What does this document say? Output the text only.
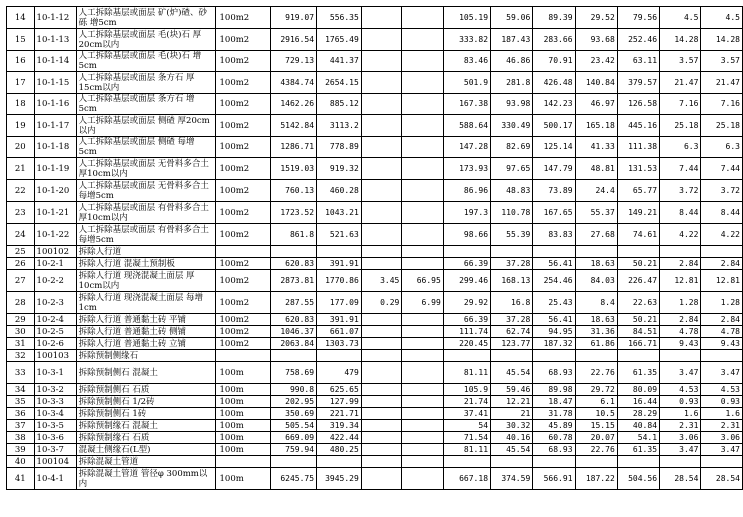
14	10-1-12	人工拆除基层或面层 矿(炉)碴、砂砾 增5cm	100m2	919.07	556.35			105.19	59.06	89.39	29.52	79.56	4.5	4.5
15	10-1-13	人工拆除基层或面层 毛(块)石 厚20cm以内	100m2	2916.54	1765.49			333.82	187.43	283.66	93.68	252.46	14.28	14.28
16	10-1-14	人工拆除基层或面层 毛(块)石 增5cm	100m2	729.13	441.37			83.46	46.86	70.91	23.42	63.11	3.57	3.57
17	10-1-15	人工拆除基层或面层 条方石 厚15cm以内	100m2	4384.74	2654.15			501.9	281.8	426.48	140.84	379.57	21.47	21.47
18	10-1-16	人工拆除基层或面层 条方石 增5cm	100m2	1462.26	885.12			167.38	93.98	142.23	46.97	126.58	7.16	7.16
19	10-1-17	人工拆除基层或面层 侧碴 厚20cm以内	100m2	5142.84	3113.2			588.64	330.49	500.17	165.18	445.16	25.18	25.18
20	10-1-18	人工拆除基层或面层 侧碴 每增5cm	100m2	1286.71	778.89			147.28	82.69	125.14	41.33	111.38	6.3	6.3
21	10-1-19	人工拆除基层或面层 无骨料多合土 厚10cm以内	100m2	1519.03	919.32			173.93	97.65	147.79	48.81	131.53	7.44	7.44
22	10-1-20	人工拆除基层或面层 无骨料多合土 每增5cm	100m2	760.13	460.28			86.96	48.83	73.89	24.4	65.77	3.72	3.72
23	10-1-21	人工拆除基层或面层 有骨料多合土 厚10cm以内	100m2	1723.52	1043.21			197.3	110.78	167.65	55.37	149.21	8.44	8.44
24	10-1-22	人工拆除基层或面层 有骨料多合土 每增5cm	100m2	861.8	521.63			98.66	55.39	83.83	27.68	74.61	4.22	4.22
25	100102	拆除人行道												
26	10-2-1	拆除人行道 混凝土预制板	100m2	620.83	391.91			66.39	37.28	56.41	18.63	50.21	2.84	2.84
27	10-2-2	拆除人行道 现浇混凝土面层 厚10cm以内	100m2	2873.81	1770.86	3.45	66.95	299.46	168.13	254.46	84.03	226.47	12.81	12.81
28	10-2-3	拆除人行道 现浇混凝土面层 每增1cm	100m2	287.55	177.09	0.29	6.99	29.92	16.8	25.43	8.4	22.63	1.28	1.28
29	10-2-4	拆除人行道 普通黏土砖 平铺	100m2	620.83	391.91			66.39	37.28	56.41	18.63	50.21	2.84	2.84
30	10-2-5	拆除人行道 普通黏土砖 侧铺	100m2	1046.37	661.07			111.74	62.74	94.95	31.36	84.51	4.78	4.78
31	10-2-6	拆除人行道 普通黏土砖 立铺	100m2	2063.84	1303.73			220.45	123.77	187.32	61.86	166.71	9.43	9.43
32	100103	拆除预制侧缘石												
33	10-3-1	拆除预制侧石 混凝土	100m	758.69	479			81.11	45.54	68.93	22.76	61.35	3.47	3.47
34	10-3-2	拆除预制侧石 石质	100m	990.8	625.65			105.9	59.46	89.98	29.72	80.09	4.53	4.53
35	10-3-3	拆除预制侧石 1/2砖	100m	202.95	127.99			21.74	12.21	18.47	6.1	16.44	0.93	0.93
36	10-3-4	拆除预制侧石 1砖	100m	350.69	221.71			37.41	21	31.78	10.5	28.29	1.6	1.6
37	10-3-5	拆除预制缘石 混凝土	100m	505.54	319.34			54	30.32	45.89	15.15	40.84	2.31	2.31
38	10-3-6	拆除预制缘石 石质	100m	669.09	422.44			71.54	40.16	60.78	20.07	54.1	3.06	3.06
39	10-3-7	混凝土侧缘石(L型)	100m	759.94	480.25			81.11	45.54	68.93	22.76	61.35	3.47	3.47
40	100104	拆除混凝土管道												
41	10-4-1	拆除混凝土管道 管径φ 300mm以内	100m	6245.75	3945.29			667.18	374.59	566.91	187.22	504.56	28.54	28.54
